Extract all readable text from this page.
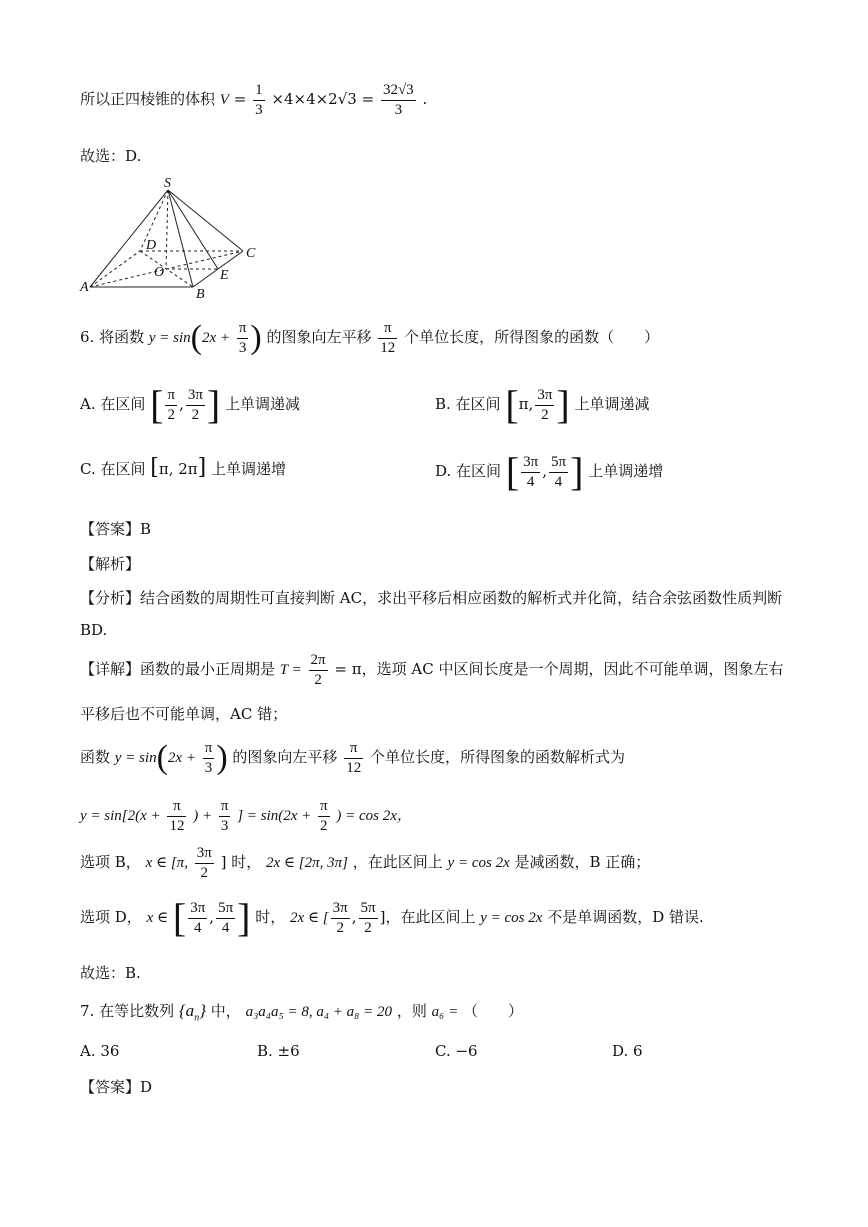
所以正四棱锥的体积 $V = \frac{1}{3} \times 4\times 4\times 2√3 = \frac{32√3}{3}$ .
故选：D.
S
D
C
O	E
A	B
6. 将函数 $y = \sin(2x + \frac{\pi}{3}$ ) 的图象向左平移 $\frac{\pi}{12}$ 个单位长度，所得图象的函数（　　）
A. 在区间 [ $\frac{\pi}{2}$ , $\frac{3\pi}{2}$ ] 上单调递减	B. 在区间 [π, $\frac{3\pi}{2}$ ] 上单调递减
C. 在区间 [π, 2π] 上单调递增	D. 在区间 [ $\frac{3\pi}{4}$ , $\frac{5\pi}{4}$ ] 上单调递增
【答案】B
【解析】
【分析】结合函数的周期性可直接判断 AC，求出平移后相应函数的解析式并化简，结合余弦函数性质判断
BD.
【详解】函数的最小正周期是 $T = \frac{2\pi}{2} = \pi$，选项 AC 中区间长度是一个周期，因此不可能单调，图象左右
平移后也不可能单调，AC 错；
函数 $y = \sin(2x + \frac{\pi}{3}$ ) 的图象向左平移 $\frac{\pi}{12}$ 个单位长度，所得图象的函数解析式为
$y = \sin[2(x + \frac{\pi}{12}$ ) + $\frac{\pi}{3}$ ] = $\sin(2x + \frac{\pi}{2}$ ) = cos 2x，
选项 B， x ∈ [π, $\frac{3\pi}{2}$ ] 时， 2x ∈ [2π, 3π] ，在此区间上 y = cos 2x 是减函数，B 正确；
选项 D， x ∈ [ $\frac{3\pi}{4}$ , $\frac{5\pi}{4}$ ] 时， 2x ∈ [ $\frac{3\pi}{2}$ , $\frac{5\pi}{2}$ ]，在此区间上 y = cos 2x 不是单调函数，D 错误.
故选：B.
7. 在等比数列 $\{a_n\}$ 中， a₃a₄a₅ = 8, a₄ + a₈ = 20 ，则 a₆ = （　　）
A. 36	B. ±6	C. −6	D. 6
【答案】D
